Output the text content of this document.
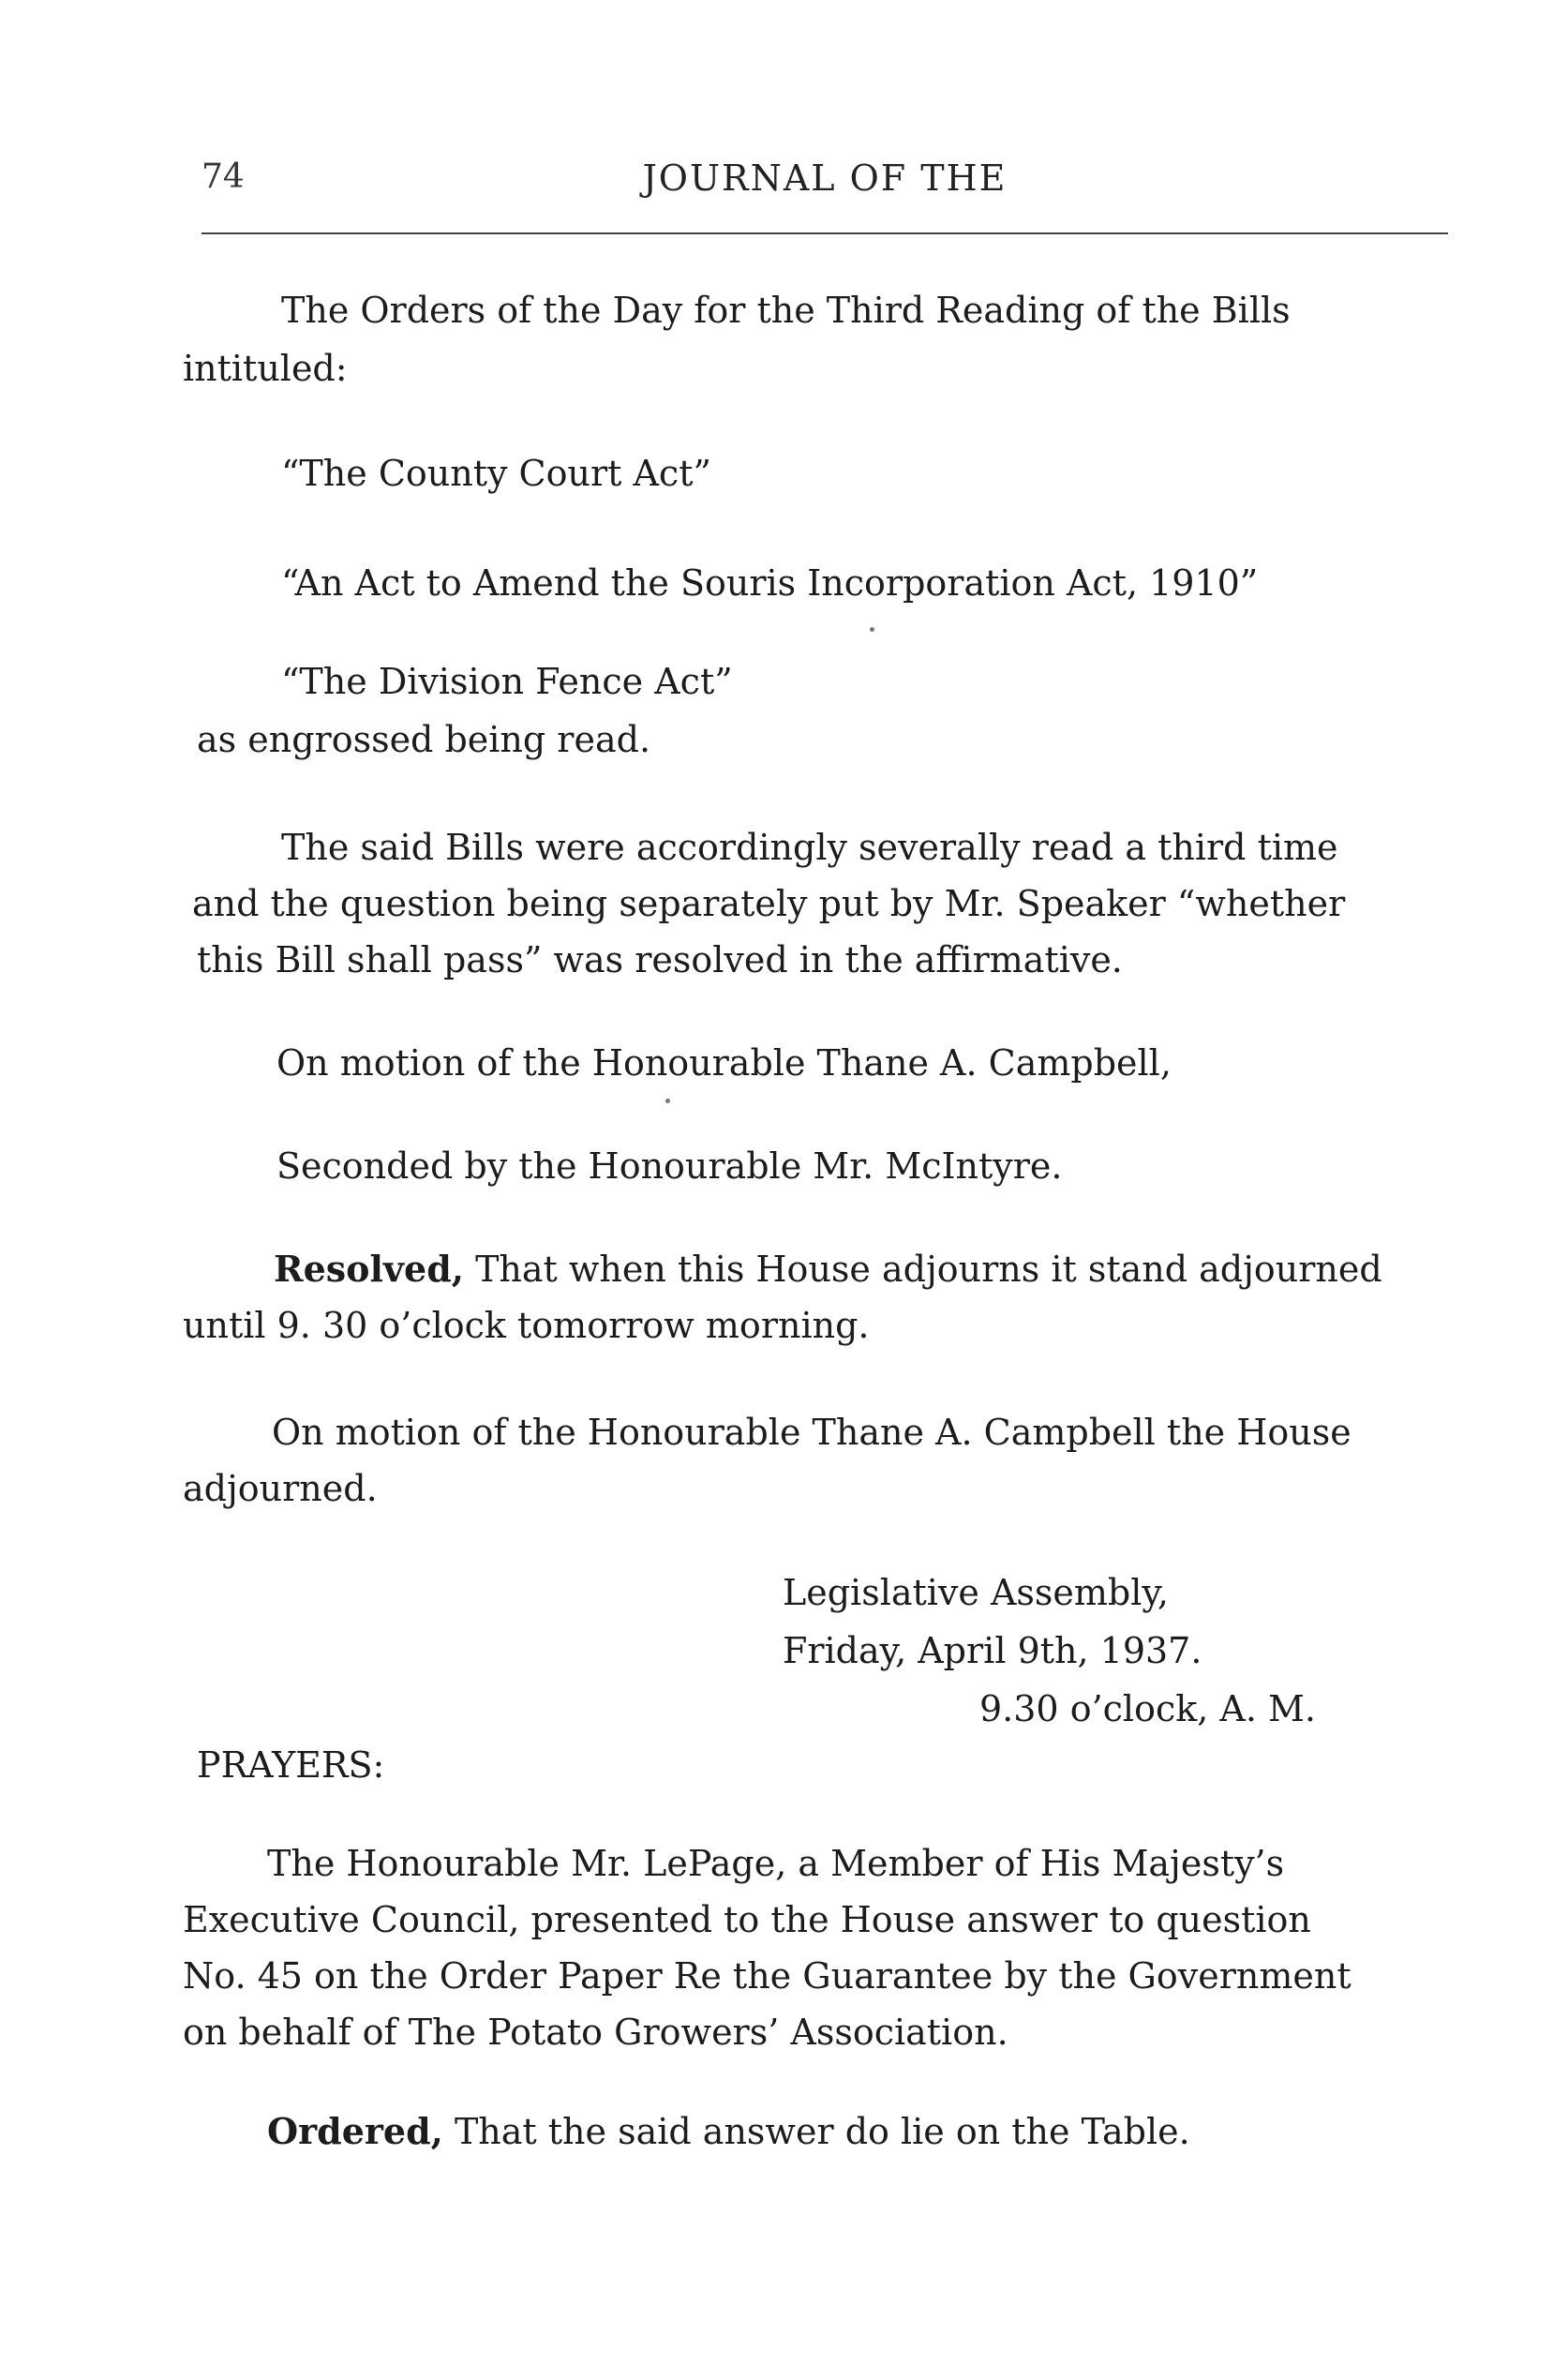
74	JOURNAL OF THE
The Orders of the Day for the Third Reading of the Bills
intituled:
“The County Court Act”
“An Act to Amend the Souris Incorporation Act, 1910”
“The Division Fence Act”
as engrossed being read.
The said Bills were accordingly severally read a third time
and the question being separately put by Mr. Speaker “whether
this Bill shall pass” was resolved in the affirmative.
On motion of the Honourable Thane A. Campbell,
Seconded by the Honourable Mr. McIntyre.
Resolved, That when this House adjourns it stand adjourned
until 9. 30 o’clock tomorrow morning.
On motion of the Honourable Thane A. Campbell the House
adjourned.
Legislative Assembly,
Friday, April 9th, 1937.
9.30 o’clock, A. M.
PRAYERS:
The Honourable Mr. LePage, a Member of His Majesty’s
Executive Council, presented to the House answer to question
No. 45 on the Order Paper Re the Guarantee by the Government
on behalf of The Potato Growers’ Association.
Ordered, That the said answer do lie on the Table.
